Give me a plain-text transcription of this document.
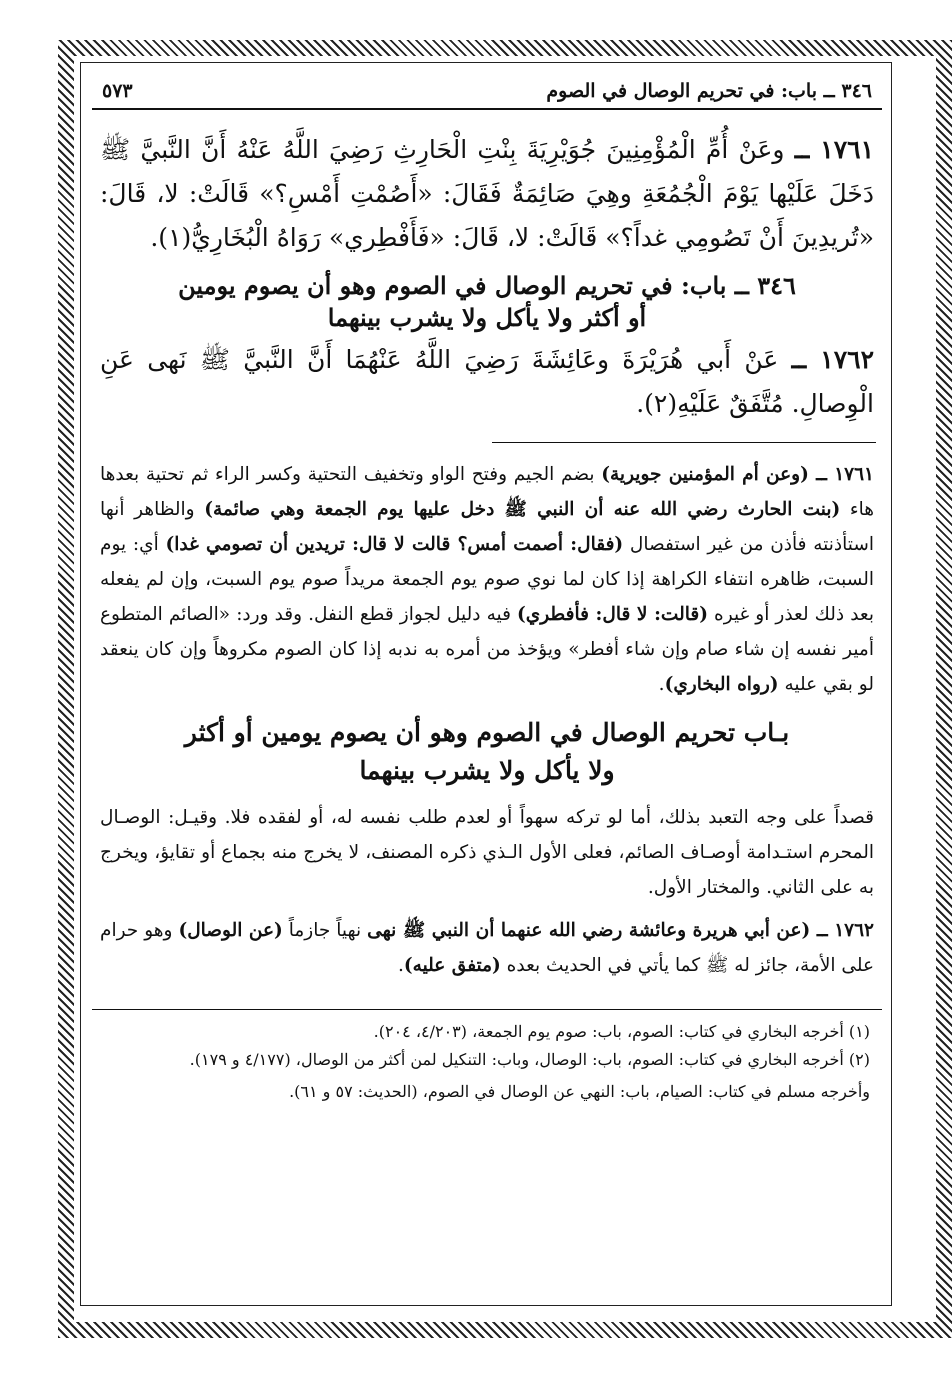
٣٤٦ ــ باب: في تحريم الوصال في الصوم
٥٧٣
١٧٦١ ــ وعَنْ أُمِّ الْمُؤْمِنِينَ جُوَيْرِيَةَ بِنْتِ الْحَارِثِ رَضِيَ اللَّهُ عَنْهُ أَنَّ النَّبيَّ ﷺ دَخَلَ عَلَيْها يَوْمَ الْجُمُعَةِ وهِيَ صَائِمَةٌ فَقَالَ: «أَصُمْتِ أَمْسِ؟» قَالَتْ: لا، قَالَ: «تُريدِينَ أَنْ تَصُومِي غداً؟» قَالَتْ: لا، قَالَ: «فَأَفْطِري» رَوَاهُ الْبُخَارِيُّ(١).
٣٤٦ ــ باب: في تحريم الوصال في الصوم وهو أن يصوم يومين
أو أكثر ولا يأكل ولا يشرب بينهما
١٧٦٢ ــ عَنْ أَبي هُرَيْرَةَ وعَائِشَةَ رَضِيَ اللَّهُ عَنْهُمَا أَنَّ النَّبيَّ ﷺ نَهى عَنِ الْوِصالِ. مُتَّفَقٌ عَلَيْهِ(٢).
١٧٦١ ــ (وعن أم المؤمنين جويرية) بضم الجيم وفتح الواو وتخفيف التحتية وكسر الراء ثم تحتية بعدها هاء (بنت الحارث رضي الله عنه أن النبي ﷺ دخل عليها يوم الجمعة وهي صائمة) والظاهر أنها استأذنته فأذن من غير استفصال (فقال: أصمت أمس؟ قالت لا قال: تريدين أن تصومي غدا) أي: يوم السبت، ظاهره انتفاء الكراهة إذا كان لما نوي صوم يوم الجمعة مريداً صوم يوم السبت، وإن لم يفعله بعد ذلك لعذر أو غيره (قالت: لا قال: فأفطري) فيه دليل لجواز قطع النفل. وقد ورد: «الصائم المتطوع أمير نفسه إن شاء صام وإن شاء أفطر» ويؤخذ من أمره به ندبه إذا كان الصوم مكروهاً وإن كان ينعقد لو بقي عليه (رواه البخاري).
بـاب تحريم الوصال في الصوم وهو أن يصوم يومين أو أكثر
ولا يأكل ولا يشرب بينهما
قصداً على وجه التعبد بذلك، أما لو تركه سهواً أو لعدم طلب نفسه له، أو لفقده فلا. وقيـل: الوصـال المحرم استـدامة أوصـاف الصائم، فعلى الأول الـذي ذكره المصنف، لا يخرج منه بجماع أو تقايؤ، ويخرج به على الثاني. والمختار الأول.
١٧٦٢ ــ (عن أبي هريرة وعائشة رضي الله عنهما أن النبي ﷺ نهى نهياً جازماً (عن الوصال) وهو حرام على الأمة، جائز له ﷺ كما يأتي في الحديث بعده (متفق عليه).
(١) أخرجه البخاري في كتاب: الصوم، باب: صوم يوم الجمعة، (٤/٢٠٣، ٢٠٤).
(٢) أخرجه البخاري في كتاب: الصوم، باب: الوصال، وباب: التنكيل لمن أكثر من الوصال، (٤/١٧٧ و ١٧٩).
وأخرجه مسلم في كتاب: الصيام، باب: النهي عن الوصال في الصوم، (الحديث: ٥٧ و ٦١).
